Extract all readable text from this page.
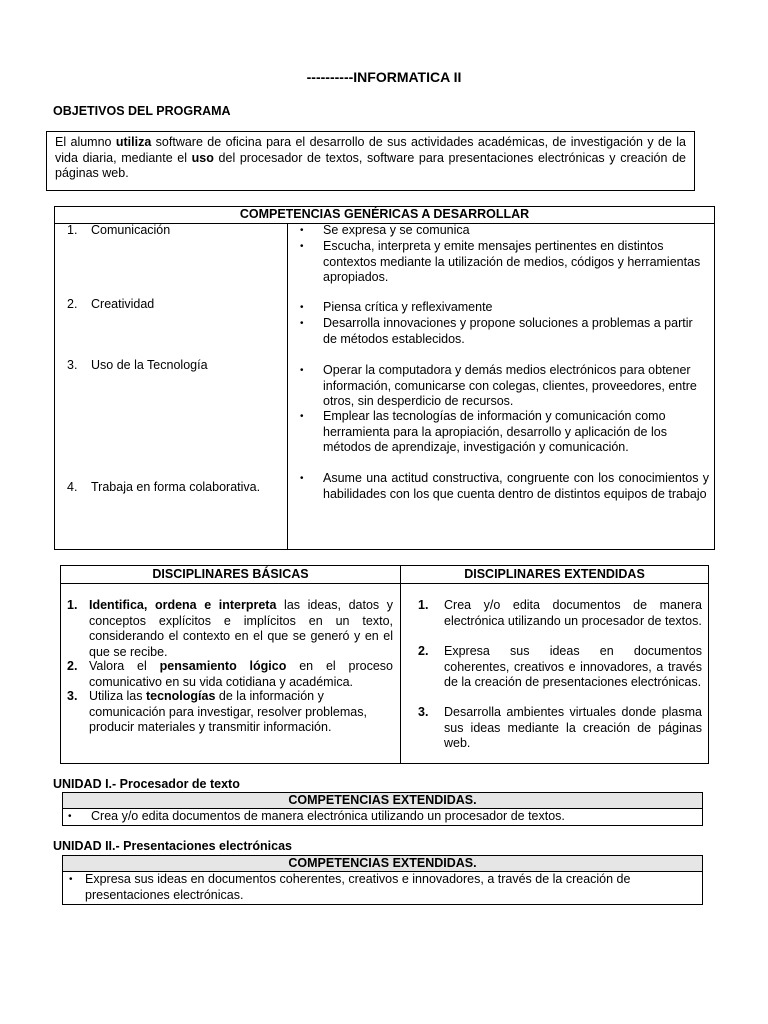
----------INFORMATICA II
OBJETIVOS DEL PROGRAMA
El alumno utiliza software de oficina para el desarrollo de sus actividades académicas, de investigación y de la vida diaria, mediante el uso del procesador de textos, software para presentaciones electrónicas y creación de páginas web.
COMPETENCIAS GENÉRICAS A DESARROLLAR
1. Comunicación
2. Creatividad
3. Uso de la Tecnología
4. Trabaja en forma colaborativa.
• Se expresa y se comunica
• Escucha, interpreta y emite mensajes pertinentes en distintos contextos mediante la utilización de medios, códigos y herramientas apropiados.
• Piensa crítica y reflexivamente
• Desarrolla innovaciones y propone soluciones a problemas a partir de métodos establecidos.
• Operar la computadora y demás medios electrónicos para obtener información, comunicarse con colegas, clientes, proveedores, entre otros, sin desperdicio de recursos.
• Emplear las tecnologías de información y comunicación como herramienta para la apropiación, desarrollo y aplicación de los métodos de aprendizaje, investigación y comunicación.
• Asume una actitud constructiva, congruente con los conocimientos y habilidades con los que cuenta dentro de distintos equipos de trabajo
DISCIPLINARES BÁSICAS	DISCIPLINARES EXTENDIDAS
1. Identifica, ordena e interpreta las ideas, datos y conceptos explícitos e implícitos en un texto, considerando el contexto en el que se generó y en el que se recibe.
2. Valora el pensamiento lógico en el proceso comunicativo en su vida cotidiana y académica.
3. Utiliza las tecnologías de la información y comunicación para investigar, resolver problemas, producir materiales y transmitir información.
1. Crea y/o edita documentos de manera electrónica utilizando un procesador de textos.
2. Expresa sus ideas en documentos coherentes, creativos e innovadores, a través de la creación de presentaciones electrónicas.
3. Desarrolla ambientes virtuales donde plasma sus ideas mediante la creación de páginas web.
UNIDAD I.- Procesador de texto
COMPETENCIAS EXTENDIDAS.
• Crea y/o edita documentos de manera electrónica utilizando un procesador de textos.
UNIDAD II.- Presentaciones electrónicas
COMPETENCIAS EXTENDIDAS.
• Expresa sus ideas en documentos coherentes, creativos e innovadores, a través de la creación de presentaciones electrónicas.
